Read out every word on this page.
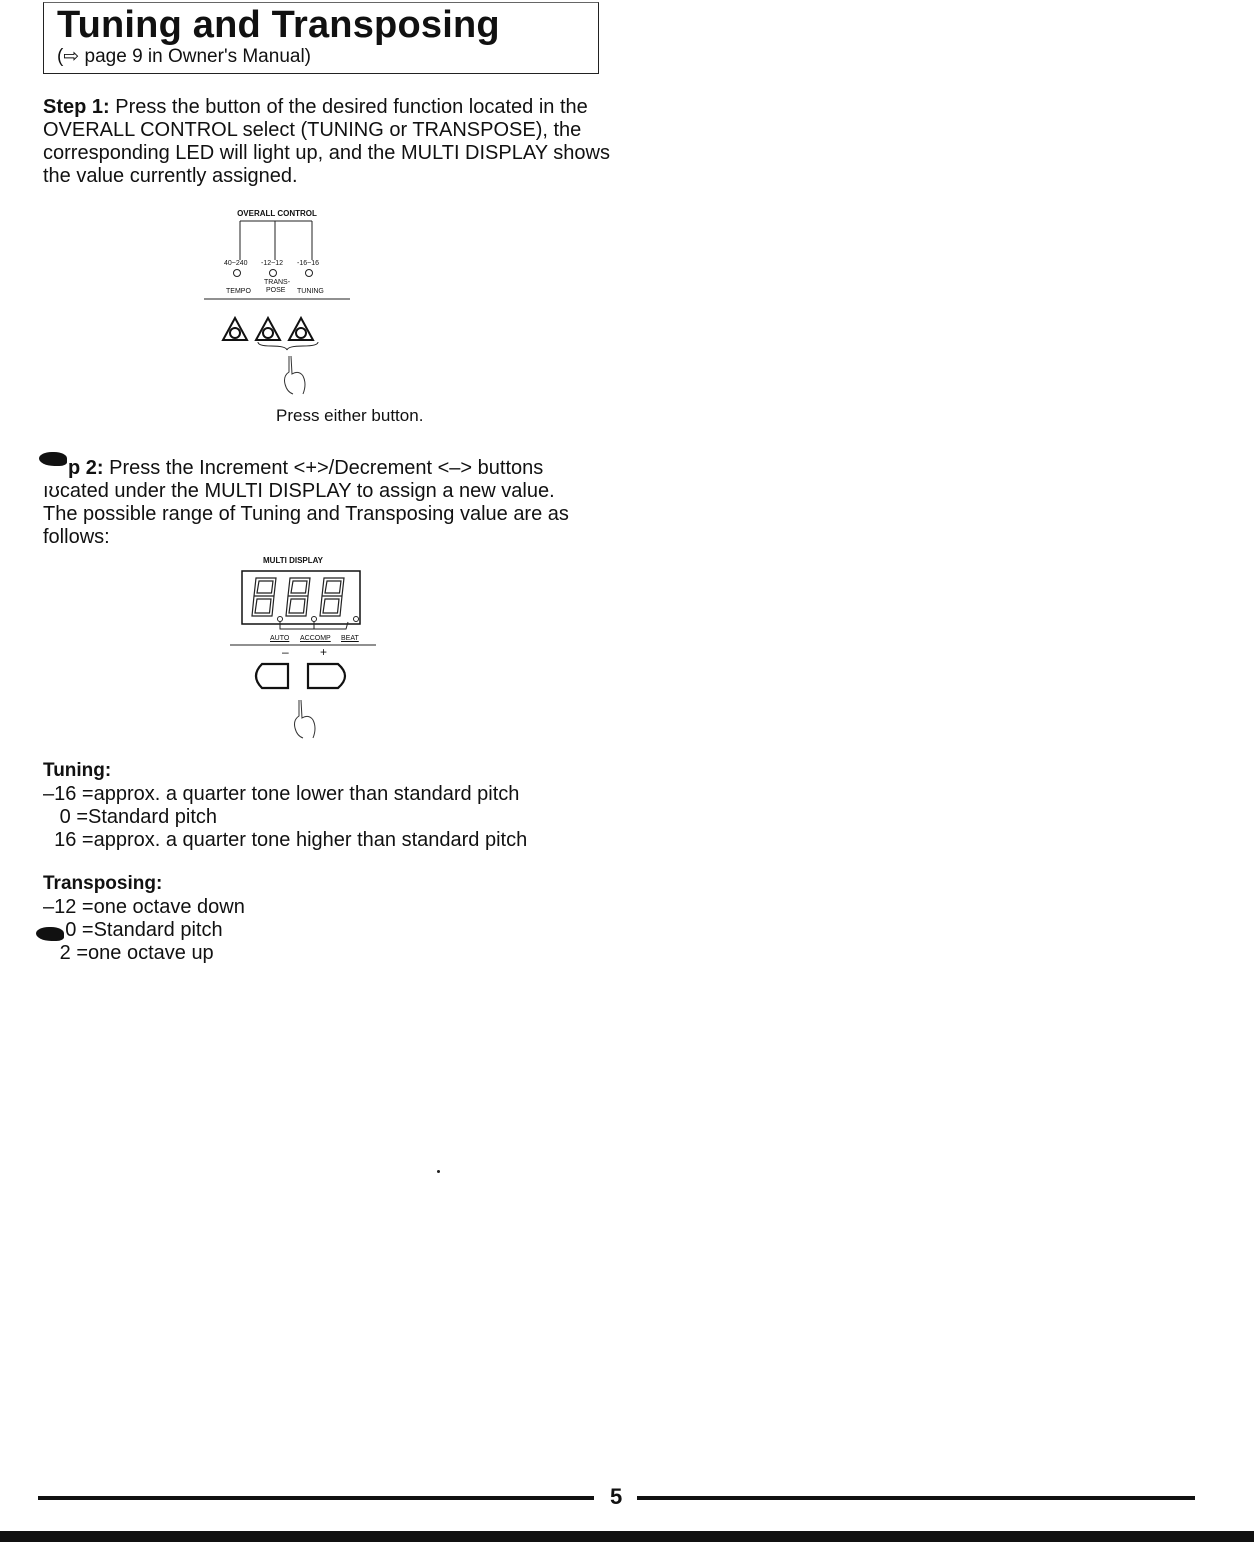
Tuning and Transposing
(⇨ page 9 in Owner's Manual)
Step 1: Press the button of the desired function located in the OVERALL CONTROL select (TUNING or TRANSPOSE), the corresponding LED will light up, and the MULTI DISPLAY shows the value currently assigned.
OVERALL CONTROL
40~240 -12~12 -16~16
TEMPO
TRANS-
POSE TUNING
Press either button.
 p 2: Press the Increment <+>/Decrement <–> buttons
ıʊcated under the MULTI DISPLAY to assign a new value.
The possible range of Tuning and Transposing value are as
follows:
MULTI DISPLAY
AUTO ACCOMP BEAT
–	+
Tuning:
–16 =approx. a quarter tone lower than standard pitch
0 =Standard pitch
16 =approx. a quarter tone higher than standard pitch
Transposing:
–12 =one octave down
0 =Standard pitch
2 =one octave up
5
